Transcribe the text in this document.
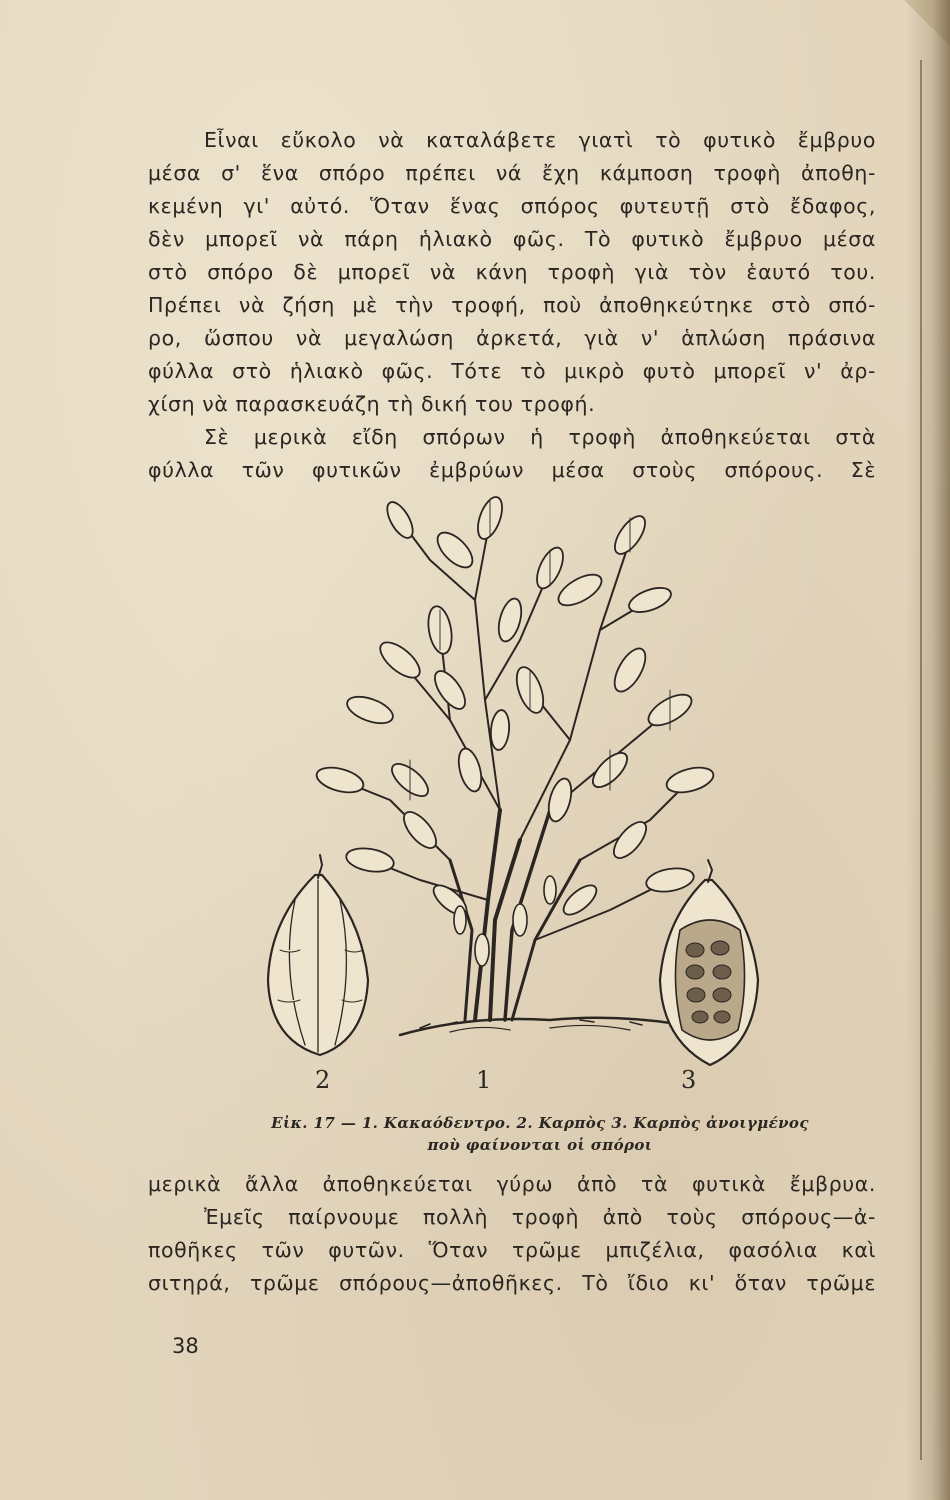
Εἶναι εὔκολο νὰ καταλάβετε γιατὶ τὸ φυτικὸ ἔμβρυο

μέσα σ' ἕνα σπόρο πρέπει νά ἔχη κάμποση τροφὴ ἀποθη-

κεμένη γι' αὐτό. Ὅταν ἕνας σπόρος φυτευτῇ στὸ ἔδαφος,

δὲν μπορεῖ νὰ πάρη ἡλιακὸ φῶς. Τὸ φυτικὸ ἔμβρυο μέσα

στὸ σπόρο δὲ μπορεῖ νὰ κάνη τροφὴ γιὰ τὸν ἑαυτό του.

Πρέπει νὰ ζήση μὲ τὴν τροφή, ποὺ ἀποθηκεύτηκε στὸ σπό-

ρο, ὥσπου νὰ μεγαλώση ἀρκετά, γιὰ ν' ἁπλώση πράσινα

φύλλα στὸ ἡλιακὸ φῶς. Τότε τὸ μικρὸ φυτὸ μπορεῖ ν' ἀρ-

χίση νὰ παρασκευάζη τὴ δική του τροφή.

Σὲ μερικὰ εἴδη σπόρων ἡ τροφὴ ἀποθηκεύεται στὰ

φύλλα τῶν φυτικῶν ἐμβρύων μέσα στοὺς σπόρους. Σὲ

2	1	3
Εἰκ. 17 — 1. Κακαόδεντρο. 2. Καρπὸς 3. Καρπὸς ἀνοιγμένος
ποὺ φαίνονται οἱ σπόροι

μερικὰ ἄλλα ἀποθηκεύεται γύρω ἀπὸ τὰ φυτικὰ ἔμβρυα.

Ἐμεῖς παίρνουμε πολλὴ τροφὴ ἀπὸ τοὺς σπόρους—ἀ-

ποθῆκες τῶν φυτῶν. Ὅταν τρῶμε μπιζέλια, φασόλια καὶ

σιτηρά, τρῶμε σπόρους—ἀποθῆκες. Τὸ ἴδιο κι' ὅταν τρῶμε

38
